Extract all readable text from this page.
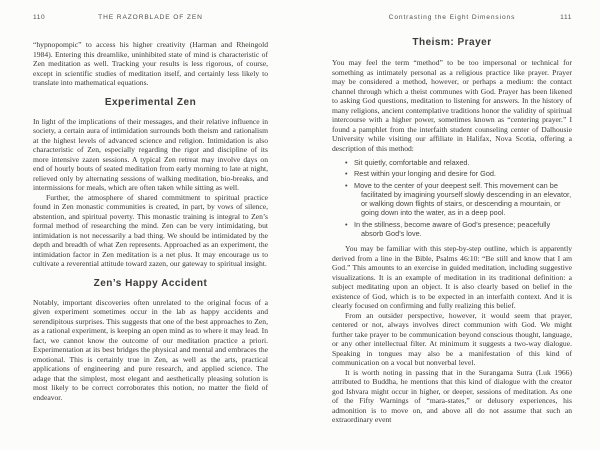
110	THE RAZORBLADE OF ZEN

“hypnopompic” to access his higher creativity (Harman and Rheingold 1984). Entering this dreamlike, uninhibited state of mind is characteristic of Zen meditation as well. Tracking your results is less rigorous, of course, except in scientific studies of meditation itself, and certainly less likely to translate into mathematical equations.

Experimental Zen

In light of the implications of their messages, and their relative influence in society, a certain aura of intimidation surrounds both theism and rationalism at the highest levels of advanced science and religion. Intimidation is also characteristic of Zen, especially regarding the rigor and discipline of its more intensive zazen sessions. A typical Zen retreat may involve days on end of hourly bouts of seated meditation from early morning to late at night, relieved only by alternating sessions of walking meditation, bio-breaks, and intermissions for meals, which are often taken while sitting as well.

Further, the atmosphere of shared commitment to spiritual practice found in Zen monastic communities is created, in part, by vows of silence, abstention, and spiritual poverty. This monastic training is integral to Zen’s formal method of researching the mind. Zen can be very intimidating, but intimidation is not necessarily a bad thing. We should be intimidated by the depth and breadth of what Zen represents. Approached as an experiment, the intimidation factor in Zen meditation is a net plus. It may encourage us to cultivate a reverential attitude toward zazen, our gateway to spiritual insight.

Zen’s Happy Accident

Notably, important discoveries often unrelated to the original focus of a given experiment sometimes occur in the lab as happy accidents and serendipitous surprises. This suggests that one of the best approaches to Zen, as a rational experiment, is keeping an open mind as to where it may lead. In fact, we cannot know the outcome of our meditation practice a priori. Experimentation at its best bridges the physical and mental and embraces the emotional. This is certainly true in Zen, as well as the arts, practical applications of engineering and pure research, and applied science. The adage that the simplest, most elegant and aesthetically pleasing solution is most likely to be correct corroborates this notion, no matter the field of endeavor.

Contrasting the Eight Dimensions	111
Theism: Prayer

You may feel the term “method” to be too impersonal or technical for something as intimately personal as a religious practice like prayer. Prayer may be considered a method, however, or perhaps a medium: the contact channel through which a theist communes with God. Prayer has been likened to asking God questions, meditation to listening for answers. In the history of many religions, ancient contemplative traditions honor the validity of spiritual intercourse with a higher power, sometimes known as “centering prayer.” I found a pamphlet from the interfaith student counseling center of Dalhousie University while visiting our affiliate in Halifax, Nova Scotia, offering a description of this method:

• Sit quietly, comfortable and relaxed.
• Rest within your longing and desire for God.
• Move to the center of your deepest self. This movement can be facilitated by imagining yourself slowly descending in an elevator, or walking down flights of stairs, or descending a mountain, or going down into the water, as in a deep pool.
• In the stillness, become aware of God’s presence; peacefully absorb God’s love.

You may be familiar with this step-by-step outline, which is apparently derived from a line in the Bible, Psalms 46:10: “Be still and know that I am God.” This amounts to an exercise in guided meditation, including suggestive visualizations. It is an example of meditation in its traditional definition: a subject meditating upon an object. It is also clearly based on belief in the existence of God, which is to be expected in an interfaith context. And it is clearly focused on confirming and fully realizing this belief.

From an outsider perspective, however, it would seem that prayer, centered or not, always involves direct communion with God. We might further take prayer to be communication beyond conscious thought, language, or any other intellectual filter. At minimum it suggests a two-way dialogue. Speaking in tongues may also be a manifestation of this kind of communication on a vocal but nonverbal level.

It is worth noting in passing that in the Surangama Sutra (Luk 1966) attributed to Buddha, he mentions that this kind of dialogue with the creator god Ishvara might occur in higher, or deeper, sessions of meditation. As one of the Fifty Warnings of “mara-states,” or delusory experiences, his admonition is to move on, and above all do not assume that such an extraordinary event
